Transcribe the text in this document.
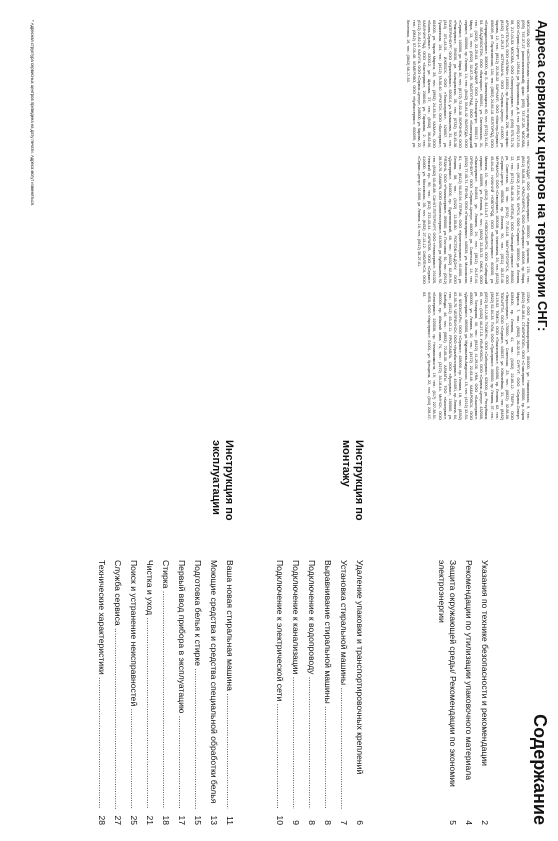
Адреса сервисных центров на территории СНГ:
МОСКВА, ООО «АСК»/Бытовая техника, служба по производству, тел.: (095) 737-37-27 (многоканальный); факс: (095) 737-37-28. МОСКВА, ООО «Сервис-Центр», 129164, ул. Ярославская, д. 8, тел.: (095) 217-40-08, 217-04-53. МОСКВА, ООО «Электросервис», тел.: (095) 975-72-76. АРХАНГЕЛЬСК, ООО «ОЛМИ», 163002, пр. Ломоносова, 228, тел./факс: (8182) 47-29-37. АСТРАХАНЬ, ООО «Сервис-Центр», 414000, ул. Кирова, 12, тел.: (8512) 22-36-32. БАРНАУЛ, ООО «Мастер-Сервис», 656049, ул. Партизанская, 134, тел.: (3852) 24-84-16. БЕЛГОРОД, ООО «Белрадиосервис», 308000, пр. Б. Хмельницкого, 60, тел.: (0722) 31-81-53. ВЛАДИВОСТОК, ООО «Виктория», 690091, ул. Светланская, 31, тел.: (4232) 22-29-63. ВЛАДИМИР, ООО «Техноцентр», 600017, ул. Мира, 13, тел.: (0922) 32-07-25. ВОЛГОГРАД, ООО «Волгоградский сервис», 400066, пр. Ленина, 14, тел.: (8442) 33-64-42. ВОЛОГДА, ООО «Сервис», 160000, ул. Мира, 36, тел.: (8172) 72-62-36. ВОРОНЕЖ, ООО «Ремсервис», 394030, ул. Кольцовская, 35, тел.: (0732) 52-45-38. ЕКАТЕРИНБУРГ, ООО «Уралсервис», 620014, ул. Малышева, 31, тел.: (343) 371-43-01. ИЖЕВСК, ООО «Техносервис», 426057, ул. Пушкинская, 154, тел.: (3412) 78-56-40. ИРКУТСК, ООО «Бытсервис», 664003, ул. Карла Маркса, 25, тел.: (3952) 24-33-54. КАЗАНЬ, ООО «Волга-Сервис», 420012, ул. Щапова, 27, тел.: (8432) 36-62-06. КАЛИНИНГРАД, ООО «Балтсервис», 236040, ул. Гаражная, 2, тел.: (0112) 21-82-14. КАЛУГА, ООО «Сервис-Центр», 248000, ул. Кирова, 22, тел.: (0842) 57-03-48. КЕМЕРОВО, ООО «Кузбассервис», 650099, ул. Весенняя, 19, тел.: (3842) 58-17-53.
КРАСНОДАР, ООО «Кубаньсервис», 350000, ул. Красная, 176, тел.: (8612) 55-08-31. КРАСНОЯРСК, ООО «Сибсервис», 660049, пр. Мира, 53, тел.: (3912) 27-84-70. КУРСК, ООО «Сервис», 305000, ул. Ленина, 12, тел.: (0712) 56-48-26. ЛИПЕЦК, ООО «Липецкий сервис», 398002, ул. Советская, 33, тел.: (0742) 77-40-18. МАГНИТОГОРСК, ООО «Сервис-Центр», 455038, пр. Ленина, 90, тел.: (3511) 35-37-46. МУРМАНСК, ООО «Севсервис», 183038, ул. Книповича, 23, тел.: (8152) 45-64-42. НИЖНИЙ НОВГОРОД, ООО «Волгосервис», 603005, ул. Минина, 10, тел.: (8312) 34-13-47. НОВОСИБИРСК, ООО «Сибирский сервис», 630099, ул. Ленина, 8, тел.: (3832) 22-53-72. ОМСК, ООО «Омсксервис», 644043, ул. Ленина, 24, тел.: (3812) 24-37-44. ОРЕНБУРГ, ООО «Сервис-Центр», 460000, ул. Советская, 14, тел.: (3532) 77-35-71. ПЕНЗА, ООО «Пензасервис», 440026, ул. Московская, 81, тел.: (8412) 56-02-94. ПЕРМЬ, ООО «Уралтехсервис», 614000, ул. Ленина, 58, тел.: (3422) 12-55-80. РОСТОВ-НА-ДОНУ, ООО «Донсервис», 344006, пр. Буденновский, 48, тел.: (8632) 62-39-94. РЯЗАНЬ, ООО «Рязаньсервис», 390000, ул. Почтовая, 61, тел.: (0912) 28-92-76. САМАРА, ООО «Волгатехсервис», 443099, ул. Куйбышева, 92, тел.: (8462) 33-40-88. САНКТ-ПЕТЕРБУРГ, ООО «Невасервис», 191025, Невский пр., 90, тел.: (812) 272-43-44. САРАТОВ, ООО «Сервис», 410600, ул. Московская, 35, тел.: (8452) 27-13-12. СМОЛЕНСК, ООО «Сервис-Центр», 214000, ул. Ленина, 16, тел.: (0812) 38-27-61.
СОЧИ, ООО «Черноморсервис», 354000, ул. Навагинская, 9, тел.: (8622) 62-38-81. СТАВРОПОЛЬ, ООО «Ставсервис», 355000, пр. Карла Маркса, 7, тел.: (8652) 26-32-91. СУРГУТ, ООО «Сервис-Север», 628400, пр. Ленина, 41, тел.: (3462) 22-80-12. ТВЕРЬ, ООО «Тверьсервис», 170000, ул. Советская, 23, тел.: (0822) 32-58-06. ТОЛЬЯТТИ, ООО «Сервис», 445037, ул. Юбилейная, 31, тел.: (8482) 34-19-52. ТОМСК, ООО «Томсксервис», 634050, пр. Ленина, 62, тел.: (3822) 52-64-33. ТУЛА, ООО «Тулсервис», 300000, пр. Ленина, 37, тел.: (0872) 36-12-58. ТЮМЕНЬ, ООО «Сибсервис», 625000, ул. Республики, 65, тел.: (3452) 46-27-15. УЛЬЯНОВСК, ООО «Сервис-Центр», 432000, ул. Гончарова, 40, тел.: (8422) 41-29-06. УФА, ООО «Башсервис», 450000, ул. Ленина, 20, тел.: (3472) 22-63-48. ХАБАРОВСК, ООО «Дальсервис», 680000, ул. Муравьева-Амурского, 15, тел.: (4212) 32-54-16. ЧЕБОКСАРЫ, ООО «Сервис», 428000, пр. Ленина, 18, тел.: (8352) 62-35-70. ЧЕЛЯБИНСК, ООО «Уралбытсервис», 454091, пр. Ленина, 64, тел.: (3512) 63-42-11. ЯРОСЛАВЛЬ, ООО «Ярсервис», 150000, ул. Свободы, 46, тел.: (0852) 72-65-30. АЛМАТЫ, ТОО «Казсервис», 480004, пр. Абылай хана, 74, тел.: (3272) 33-18-44. МИНСК, ООО «Белсервис», 220030, пр. Независимости, 19, тел.: (017) 227-38-51. КИЕВ, ООО «Укрсервис», 01001, ул. Крещатик, 22, тел.: (044) 228-47-63.
* Адресная структура сервисных центров приведена на дату печати. Адреса могут изменяться.
Содержание
Указания по технике безопасности и рекомендации
2
Рекомендации по утилизации упаковочного материала
4
Защита окружающей среды/ Рекомендации по экономии электроэнергии
5
Инструкция по монтажу
Удаление упаковки и транспортировочных креплений
6
Установка стиральной машины .....
7
Выравнивание стиральной машины .....
8
Подключение к водопроводу .....
8
Подключение к канализации .....
9
Подключение к электрической сети .....
10
Инструкция по эксплуатации
Ваша новая стиральная машина .....
11
Моющие средства и средства специальной обработки белья
13
Подготовка белья к стирке .....
15
Первый ввод прибора в эксплуатацию .....
17
Стирка .....
18
Чистка и уход .....
21
Поиск и устранение неисправностей .....
25
Служба сервиса .....
27
Технические характеристики .....
28
